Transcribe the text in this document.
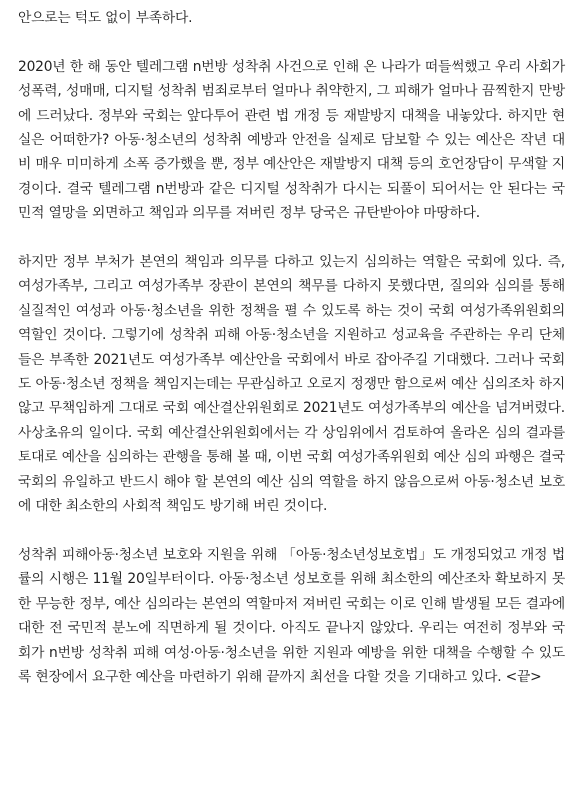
안으로는 턱도 없이 부족하다.

2020년 한 해 동안 텔레그램 n번방 성착취 사건으로 인해 온 나라가 떠들썩했고 우리 사회가 성폭력, 성매매, 디지털 성착취 범죄로부터 얼마나 취약한지, 그 피해가 얼마나 끔찍한지 만방에 드러났다. 정부와 국회는 앞다투어 관련 법 개정 등 재발방지 대책을 내놓았다. 하지만 현실은 어떠한가? 아동·청소년의 성착취 예방과 안전을 실제로 담보할 수 있는 예산은 작년 대비 매우 미미하게 소폭 증가했을 뿐, 정부 예산안은 재발방지 대책 등의 호언장담이 무색할 지경이다. 결국 텔레그램 n번방과 같은 디지털 성착취가 다시는 되풀이 되어서는 안 된다는 국민적 열망을 외면하고 책임과 의무를 져버린 정부 당국은 규탄받아야 마땅하다.

하지만 정부 부처가 본연의 책임과 의무를 다하고 있는지 심의하는 역할은 국회에 있다. 즉, 여성가족부, 그리고 여성가족부 장관이 본연의 책무를 다하지 못했다면, 질의와 심의를 통해 실질적인 여성과 아동·청소년을 위한 정책을 펼 수 있도록 하는 것이 국회 여성가족위원회의 역할인 것이다. 그렇기에 성착취 피해 아동·청소년을 지원하고 성교육을 주관하는 우리 단체들은 부족한 2021년도 여성가족부 예산안을 국회에서 바로 잡아주길 기대했다. 그러나 국회도 아동·청소년 정책을 책임지는데는 무관심하고 오로지 정쟁만 함으로써 예산 심의조차 하지 않고 무책임하게 그대로 국회 예산결산위원회로 2021년도 여성가족부의 예산을 넘겨버렸다. 사상초유의 일이다. 국회 예산결산위원회에서는 각 상임위에서 검토하여 올라온 심의 결과를 토대로 예산을 심의하는 관행을 통해 볼 때, 이번 국회 여성가족위원회 예산 심의 파행은 결국 국회의 유일하고 반드시 해야 할 본연의 예산 심의 역할을 하지 않음으로써 아동·청소년 보호에 대한 최소한의 사회적 책임도 방기해 버린 것이다.

성착취 피해아동·청소년 보호와 지원을 위해 「아동·청소년성보호법」도 개정되었고 개정 법률의 시행은 11월 20일부터이다. 아동·청소년 성보호를 위해 최소한의 예산조차 확보하지 못한 무능한 정부, 예산 심의라는 본연의 역할마저 져버린 국회는 이로 인해 발생될 모든 결과에 대한 전 국민적 분노에 직면하게 될 것이다. 아직도 끝나지 않았다. 우리는 여전히 정부와 국회가 n번방 성착취 피해 여성·아동·청소년을 위한 지원과 예방을 위한 대책을 수행할 수 있도록 현장에서 요구한 예산을 마련하기 위해 끝까지 최선을 다할 것을 기대하고 있다. <끝>
